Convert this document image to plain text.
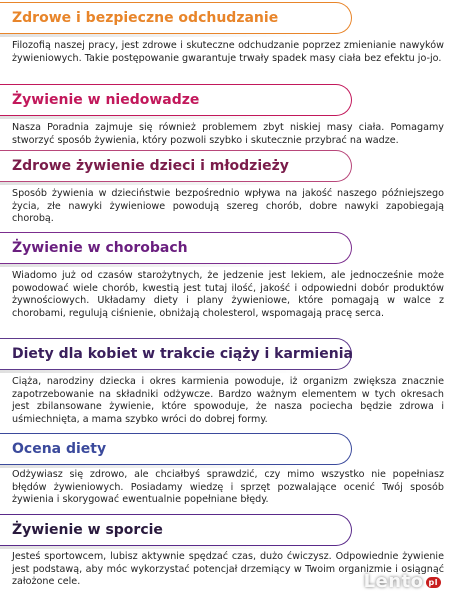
Zdrowe i bezpieczne odchudzanie
Filozofią naszej pracy, jest zdrowe i skuteczne odchudzanie poprzez zmienianie nawyków żywieniowych. Takie postępowanie gwarantuje trwały spadek masy ciała bez efektu jo-jo.
Żywienie w niedowadze
Nasza Poradnia zajmuje się również problemem zbyt niskiej masy ciała. Pomagamy stworzyć sposób żywienia, który pozwoli szybko i skutecznie przybrać na wadze.
Zdrowe żywienie dzieci i młodzieży
Sposób żywienia w dzieciństwie bezpośrednio wpływa na jakość naszego późniejszego życia, złe nawyki żywieniowe powodują szereg chorób, dobre nawyki zapobiegają chorobą.
Żywienie w chorobach
Wiadomo już od czasów starożytnych, że jedzenie jest lekiem, ale jednocześnie może powodować wiele chorób, kwestią jest tutaj ilość, jakość i odpowiedni dobór produktów żywnościowych. Układamy diety i plany żywieniowe, które pomagają w walce z chorobami, regulują ciśnienie, obniżają cholesterol, wspomagają pracę serca.
Diety dla kobiet w trakcie ciąży i karmienia
Ciąża, narodziny dziecka i okres karmienia powoduje, iż organizm zwiększa znacznie zapotrzebowanie na składniki odżywcze. Bardzo ważnym elementem w tych okresach jest zbilansowane żywienie, które spowoduje, że nasza pociecha będzie zdrowa i uśmiechnięta, a mama szybko wróci do dobrej formy.
Ocena diety
Odżywiasz się zdrowo, ale chciałbyś sprawdzić, czy mimo wszystko nie popełniasz błędów żywieniowych. Posiadamy wiedzę i sprzęt pozwalające ocenić Twój sposób żywienia i skorygować ewentualnie popełniane błędy.
Żywienie w sporcie
Jesteś sportowcem, lubisz aktywnie spędzać czas, dużo ćwiczysz. Odpowiednie żywienie jest podstawą, aby móc wykorzystać potencjał drzemiący w Twoim organizmie i osiągnąć założone cele.	Lento pl
